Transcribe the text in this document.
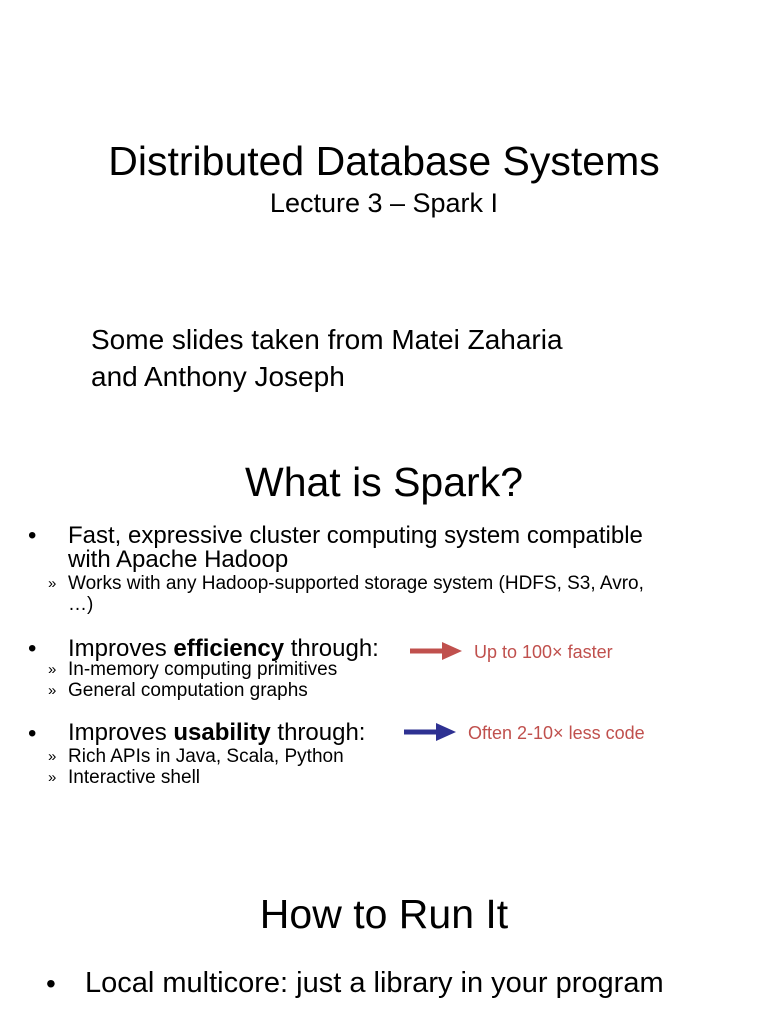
Distributed Database Systems
Lecture 3 – Spark I
Some slides taken from Matei Zaharia
and Anthony Joseph
What is Spark?
• Fast, expressive cluster computing system compatible
with Apache Hadoop
» Works with any Hadoop-supported storage system (HDFS, S3, Avro,
…)
• Improves efficiency through:	Up to 100× faster
» In-memory computing primitives
» General computation graphs
• Improves usability through:	Often 2-10× less code
» Rich APIs in Java, Scala, Python
» Interactive shell
How to Run It
• Local multicore: just a library in your program
